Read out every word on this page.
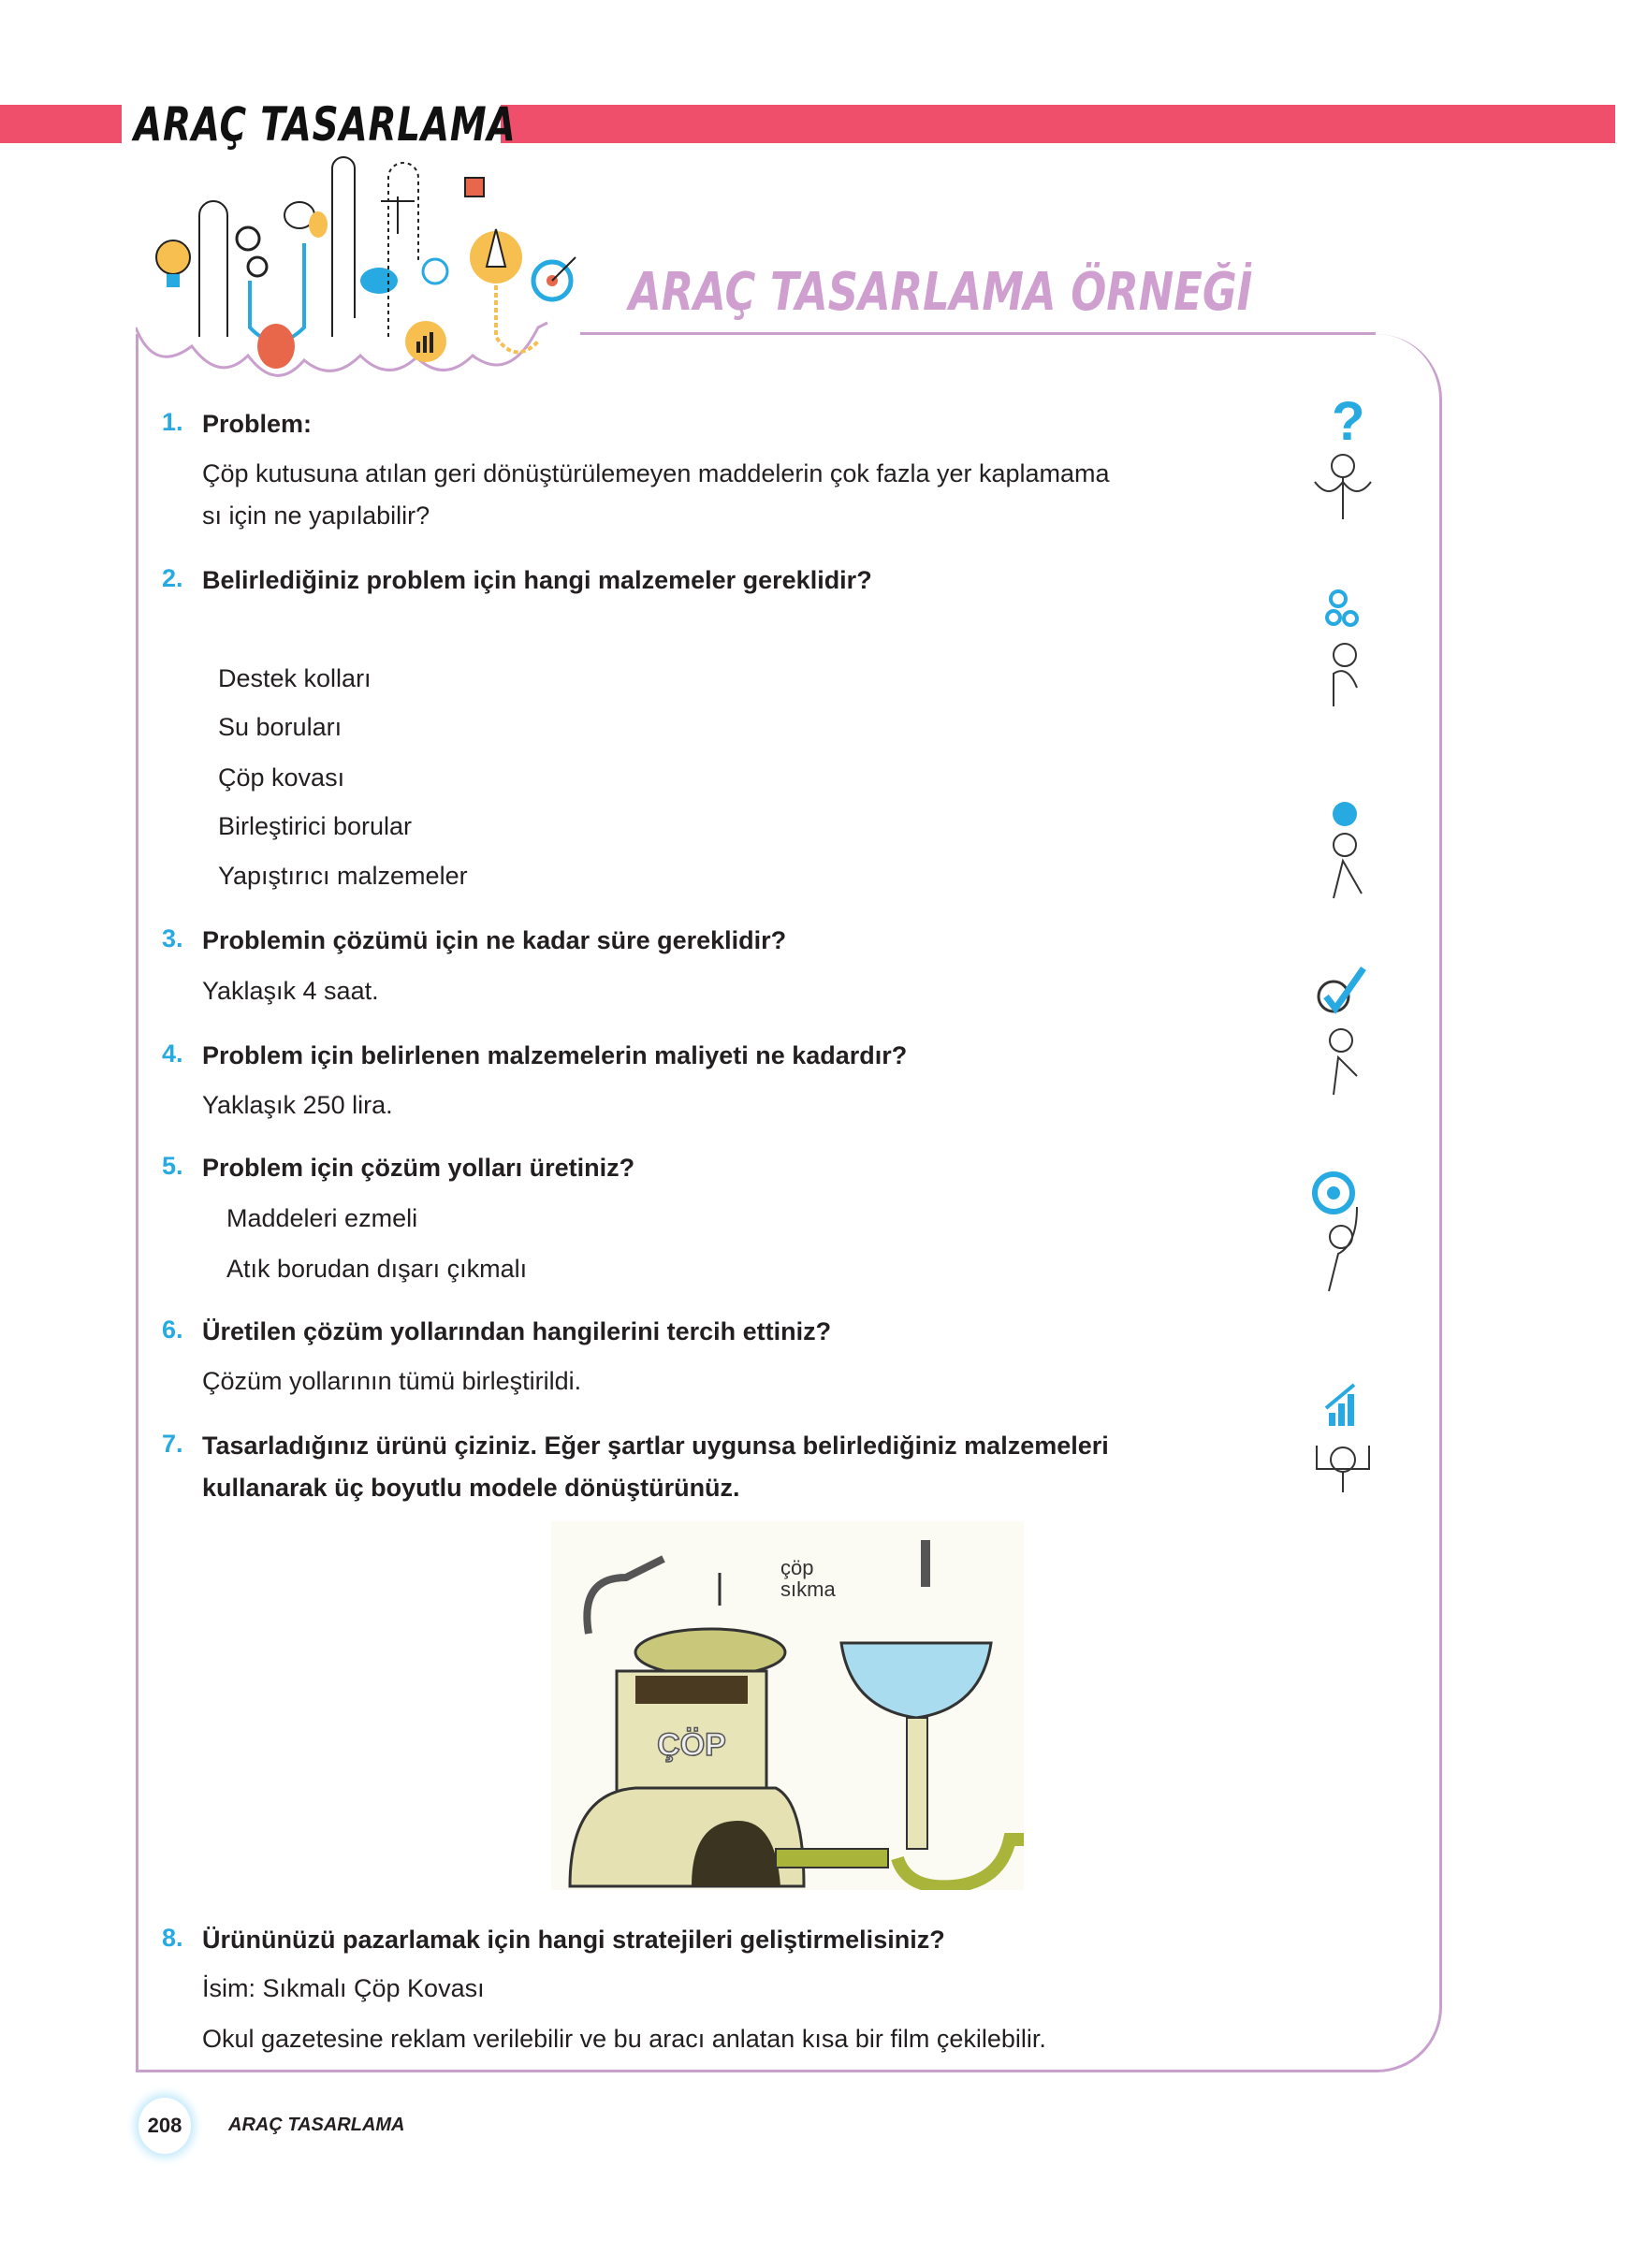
ARAÇ TASARLAMA
ARAÇ TASARLAMA ÖRNEĞİ
1. Problem:
Çöp kutusuna atılan geri dönüştürülemeyen maddelerin çok fazla yer kaplamama
sı için ne yapılabilir?
2. Belirlediğiniz problem için hangi malzemeler gereklidir?
Destek kolları
Su boruları
Çöp kovası
Birleştirici borular
Yapıştırıcı malzemeler
3. Problemin çözümü için ne kadar süre gereklidir?
Yaklaşık 4 saat.
4. Problem için belirlenen malzemelerin maliyeti ne kadardır?
Yaklaşık 250 lira.
5. Problem için çözüm yolları üretiniz?
Maddeleri ezmeli
Atık borudan dışarı çıkmalı
6. Üretilen çözüm yollarından hangilerini tercih ettiniz?
Çözüm yollarının tümü birleştirildi.
7. Tasarladığınız ürünü çiziniz. Eğer şartlar uygunsa belirlediğiniz malzemeleri
kullanarak üç boyutlu modele dönüştürünüz.
ÇÖP
çöp
sıkma
8. Ürününüzü pazarlamak için hangi stratejileri geliştirmelisiniz?
İsim: Sıkmalı Çöp Kovası
Okul gazetesine reklam verilebilir ve bu aracı anlatan kısa bir film çekilebilir.
?
208 ARAÇ TASARLAMA
